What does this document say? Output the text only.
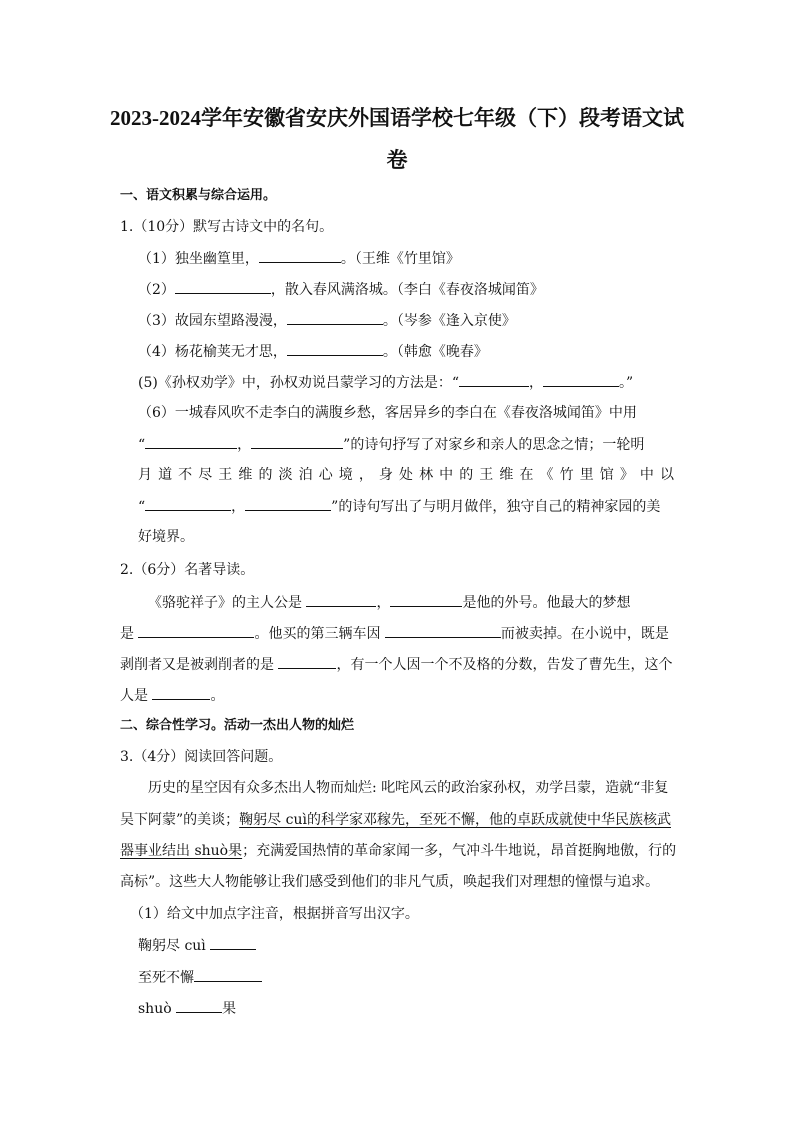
2023-2024学年安徽省安庆外国语学校七年级（下）段考语文试
卷
一、语文积累与综合运用。
1.（10分）默写古诗文中的名句。
（1）独坐幽篁里，	。（王维《竹里馆》
（2）	，散入春风满洛城。（李白《春夜洛城闻笛》
（3）故园东望路漫漫，	。（岑参《逢入京使》
（4）杨花榆荚无才思，	。（韩愈《晚春》
(5)《孙权劝学》中，孙权劝说吕蒙学习的方法是：“	，	。”
（6）一城春风吹不走李白的满腹乡愁，客居异乡的李白在《春夜洛城闻笛》中用
“	，	”的诗句抒写了对家乡和亲人的思念之情；一轮明
月道不尽王维的淡泊心境，身处林中的王维在《竹里馆》中以
“	，	”的诗句写出了与明月做伴，独守自己的精神家园的美
好境界。
2.（6分）名著导读。
《骆驼祥子》的主人公是	，	是他的外号。他最大的梦想
是	。他买的第三辆车因	而被卖掉。在小说中，既是
剥削者又是被剥削者的是	，有一个人因一个不及格的分数，告发了曹先生，这个
人是	。
二、综合性学习。活动一杰出人物的灿烂
3.（4分）阅读回答问题。
历史的星空因有众多杰出人物而灿烂: 叱咤风云的政治家孙权，劝学吕蒙，造就“非复
吴下阿蒙”的美谈；鞠躬尽 cuì的科学家邓稼先，至死不懈，他的卓跃成就使中华民族核武
器事业结出 shuò果；充满爱国热情的革命家闻一多，气冲斗牛地说，昂首挺胸地傲，行的
高标”。这些大人物能够让我们感受到他们的非凡气质，唤起我们对理想的憧憬与追求。
（1）给文中加点字注音，根据拼音写出汉字。
鞠躬尽 cuì
至死不懈
shuò	果
